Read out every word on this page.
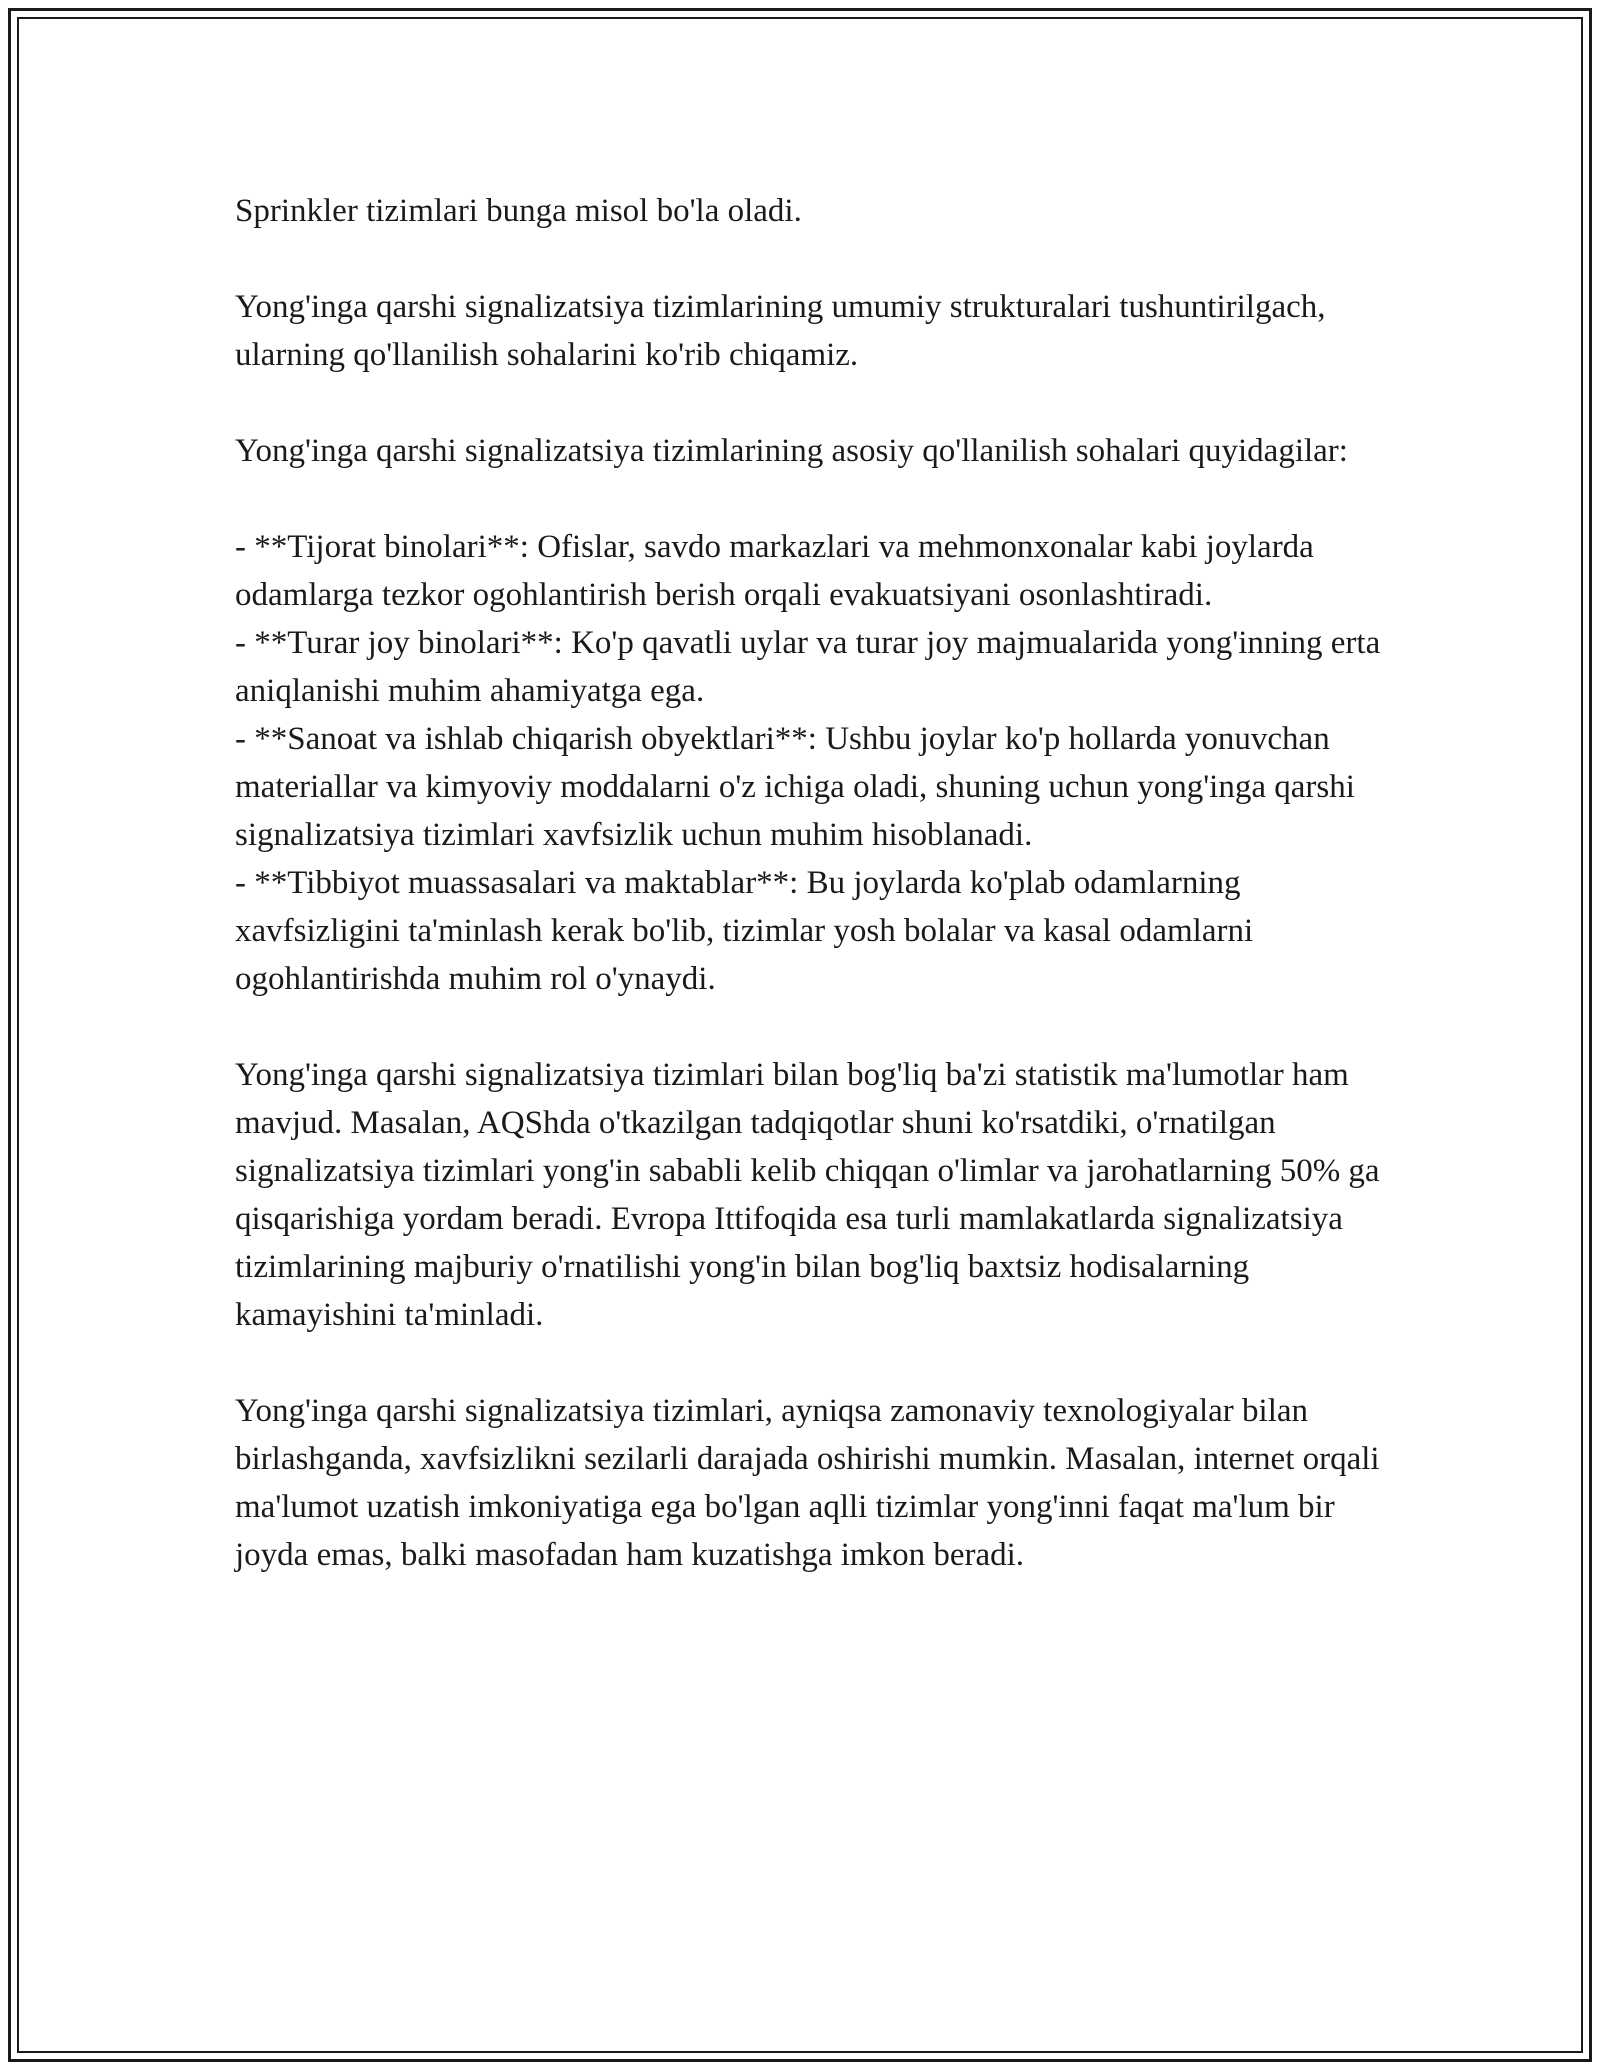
Sprinkler tizimlari bunga misol bo'la oladi.

Yong'inga qarshi signalizatsiya tizimlarining umumiy strukturalari tushuntirilgach, ularning qo'llanilish sohalarini ko'rib chiqamiz.

Yong'inga qarshi signalizatsiya tizimlarining asosiy qo'llanilish sohalari quyidagilar:

- **Tijorat binolari**: Ofislar, savdo markazlari va mehmonxonalar kabi joylarda odamlarga tezkor ogohlantirish berish orqali evakuatsiyani osonlashtiradi.
- **Turar joy binolari**: Ko'p qavatli uylar va turar joy majmualarida yong'inning erta aniqlanishi muhim ahamiyatga ega.
- **Sanoat va ishlab chiqarish obyektlari**: Ushbu joylar ko'p hollarda yonuvchan materiallar va kimyoviy moddalarni o'z ichiga oladi, shuning uchun yong'inga qarshi signalizatsiya tizimlari xavfsizlik uchun muhim hisoblanadi.
- **Tibbiyot muassasalari va maktablar**: Bu joylarda ko'plab odamlarning xavfsizligini ta'minlash kerak bo'lib, tizimlar yosh bolalar va kasal odamlarni ogohlantirishda muhim rol o'ynaydi.

Yong'inga qarshi signalizatsiya tizimlari bilan bog'liq ba'zi statistik ma'lumotlar ham mavjud. Masalan, AQShda o'tkazilgan tadqiqotlar shuni ko'rsatdiki, o'rnatilgan signalizatsiya tizimlari yong'in sababli kelib chiqqan o'limlar va jarohatlarning 50% ga qisqarishiga yordam beradi. Evropa Ittifoqida esa turli mamlakatlarda signalizatsiya tizimlarining majburiy o'rnatilishi yong'in bilan bog'liq baxtsiz hodisalarning kamayishini ta'minladi.

Yong'inga qarshi signalizatsiya tizimlari, ayniqsa zamonaviy texnologiyalar bilan birlashganda, xavfsizlikni sezilarli darajada oshirishi mumkin. Masalan, internet orqali ma'lumot uzatish imkoniyatiga ega bo'lgan aqlli tizimlar yong'inni faqat ma'lum bir joyda emas, balki masofadan ham kuzatishga imkon beradi.
